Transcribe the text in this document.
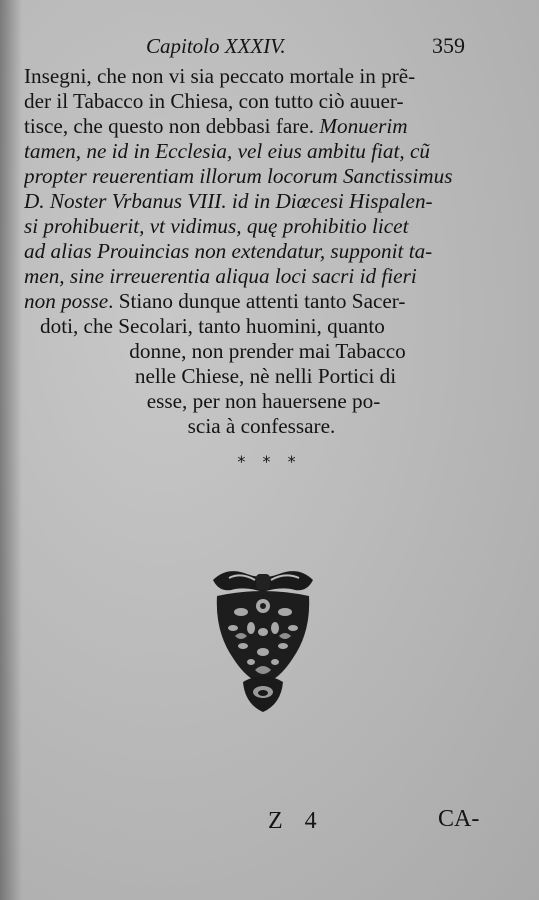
Capitolo XXXIV.	359
Insegni, che non vi sia peccato mortale in prẽ-
der il Tabacco in Chiesa, con tutto ciò auuer-
tisce, che questo non debbasi fare. Monuerim
tamen, ne id in Ecclesia, vel eius ambitu fiat, cũ
propter reuerentiam illorum locorum Sanctissimus
D. Noster Vrbanus VIII. id in Diœcesi Hispalen-
si prohibuerit, vt vidimus, quę prohibitio licet
ad alias Prouincias non extendatur, supponit ta-
men, sine irreuerentia aliqua loci sacri id fieri
non posse. Stiano dunque attenti tanto Sacer-
doti, che Secolari, tanto huomini, quanto
donne, non prender mai Tabacco
nelle Chiese, nè nelli Portici di
esse, per non hauersene po-
scia à confessare.
* * *
Z 4	CA-
